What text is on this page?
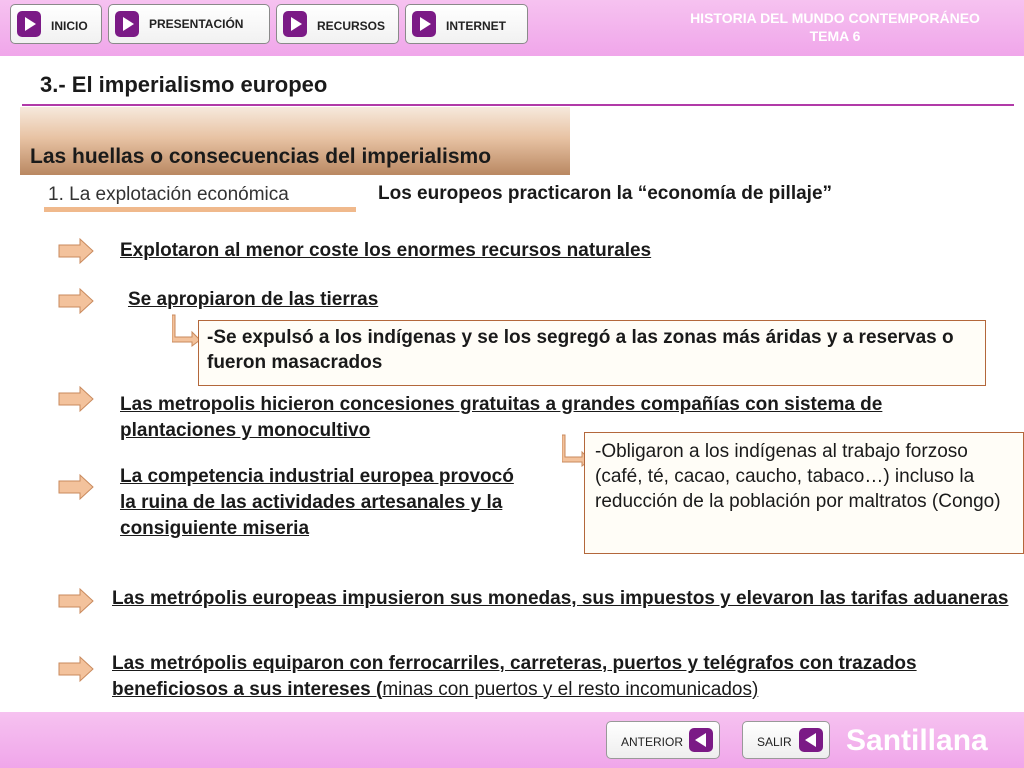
INICIO	PRESENTACIÓN	RECURSOS	INTERNET	HISTORIA DEL MUNDO CONTEMPORÁNEO
TEMA 6
3.- El imperialismo europeo
Las huellas o consecuencias del imperialismo
1. La explotación económica	Los europeos practicaron la “economía de pillaje”
Explotaron al menor coste los enormes recursos naturales
Se apropiaron de las tierras
-Se expulsó a los indígenas y se los segregó a las zonas más áridas y a reservas o fueron masacrados
Las metropolis hicieron concesiones gratuitas a grandes compañías con sistema de plantaciones y monocultivo
-Obligaron a los indígenas al trabajo forzoso (café, té, cacao, caucho, tabaco…) incluso la reducción de la población por maltratos (Congo)
La competencia industrial europea provocó la ruina de las actividades artesanales y la consiguiente miseria
Las metrópolis europeas impusieron sus monedas, sus impuestos y elevaron las tarifas aduaneras
Las metrópolis equiparon con ferrocarriles, carreteras, puertos y telégrafos con trazados beneficiosos a sus intereses (minas con puertos y el resto incomunicados)
ANTERIOR	SALIR Santillana
